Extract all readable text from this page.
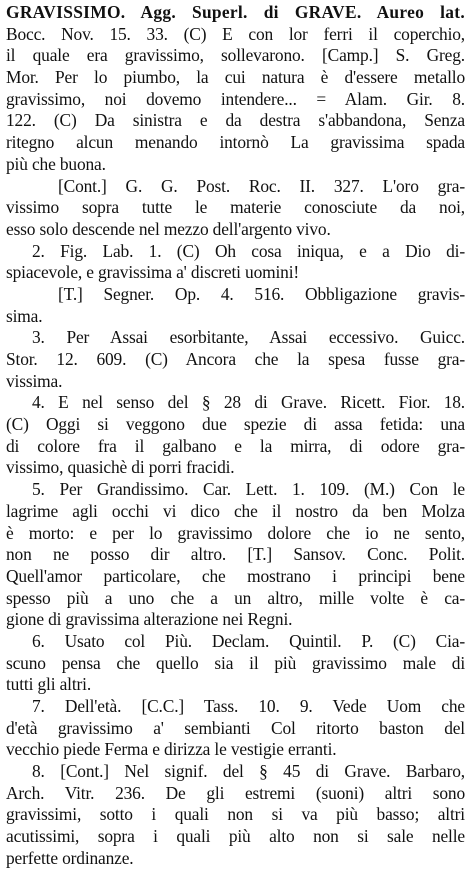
GRAVISSIMO. Agg. Superl. di GRAVE. Aureo lat.
Bocc. Nov. 15. 33. (C) E con lor ferri il coperchio,
il quale era gravissimo, sollevarono. [Camp.] S. Greg.
Mor. Per lo piumbo, la cui natura è d'essere metallo
gravissimo, noi dovemo intendere... = Alam. Gir. 8.
122. (C) Da sinistra e da destra s'abbandona, Senza
ritegno alcun menando intornò La gravissima spada
più che buona.
[Cont.] G. G. Post. Roc. II. 327. L'oro gra-
vissimo sopra tutte le materie conosciute da noi,
esso solo descende nel mezzo dell'argento vivo.
2. Fig. Lab. 1. (C) Oh cosa iniqua, e a Dio di-
spiacevole, e gravissima a' discreti uomini!
[T.] Segner. Op. 4. 516. Obbligazione gravis-
sima.
3. Per Assai esorbitante, Assai eccessivo. Guicc.
Stor. 12. 609. (C) Ancora che la spesa fusse gra-
vissima.
4. E nel senso del § 28 di Grave. Ricett. Fior. 18.
(C) Oggi si veggono due spezie di assa fetida: una
di colore fra il galbano e la mirra, di odore gra-
vissimo, quasichè di porri fracidi.
5. Per Grandissimo. Car. Lett. 1. 109. (M.) Con le
lagrime agli occhi vi dico che il nostro da ben Molza
è morto: e per lo gravissimo dolore che io ne sento,
non ne posso dir altro. [T.] Sansov. Conc. Polit.
Quell'amor particolare, che mostrano i principi bene
spesso più a uno che a un altro, mille volte è ca-
gione di gravissima alterazione nei Regni.
6. Usato col Più. Declam. Quintil. P. (C) Cia-
scuno pensa che quello sia il più gravissimo male di
tutti gli altri.
7. Dell'età. [C.C.] Tass. 10. 9. Vede Uom che
d'età gravissimo a' sembianti Col ritorto baston del
vecchio piede Ferma e dirizza le vestigie erranti.
8. [Cont.] Nel signif. del § 45 di Grave. Barbaro,
Arch. Vitr. 236. De gli estremi (suoni) altri sono
gravissimi, sotto i quali non si va più basso; altri
acutissimi, sopra i quali più alto non si sale nelle
perfette ordinanze.
